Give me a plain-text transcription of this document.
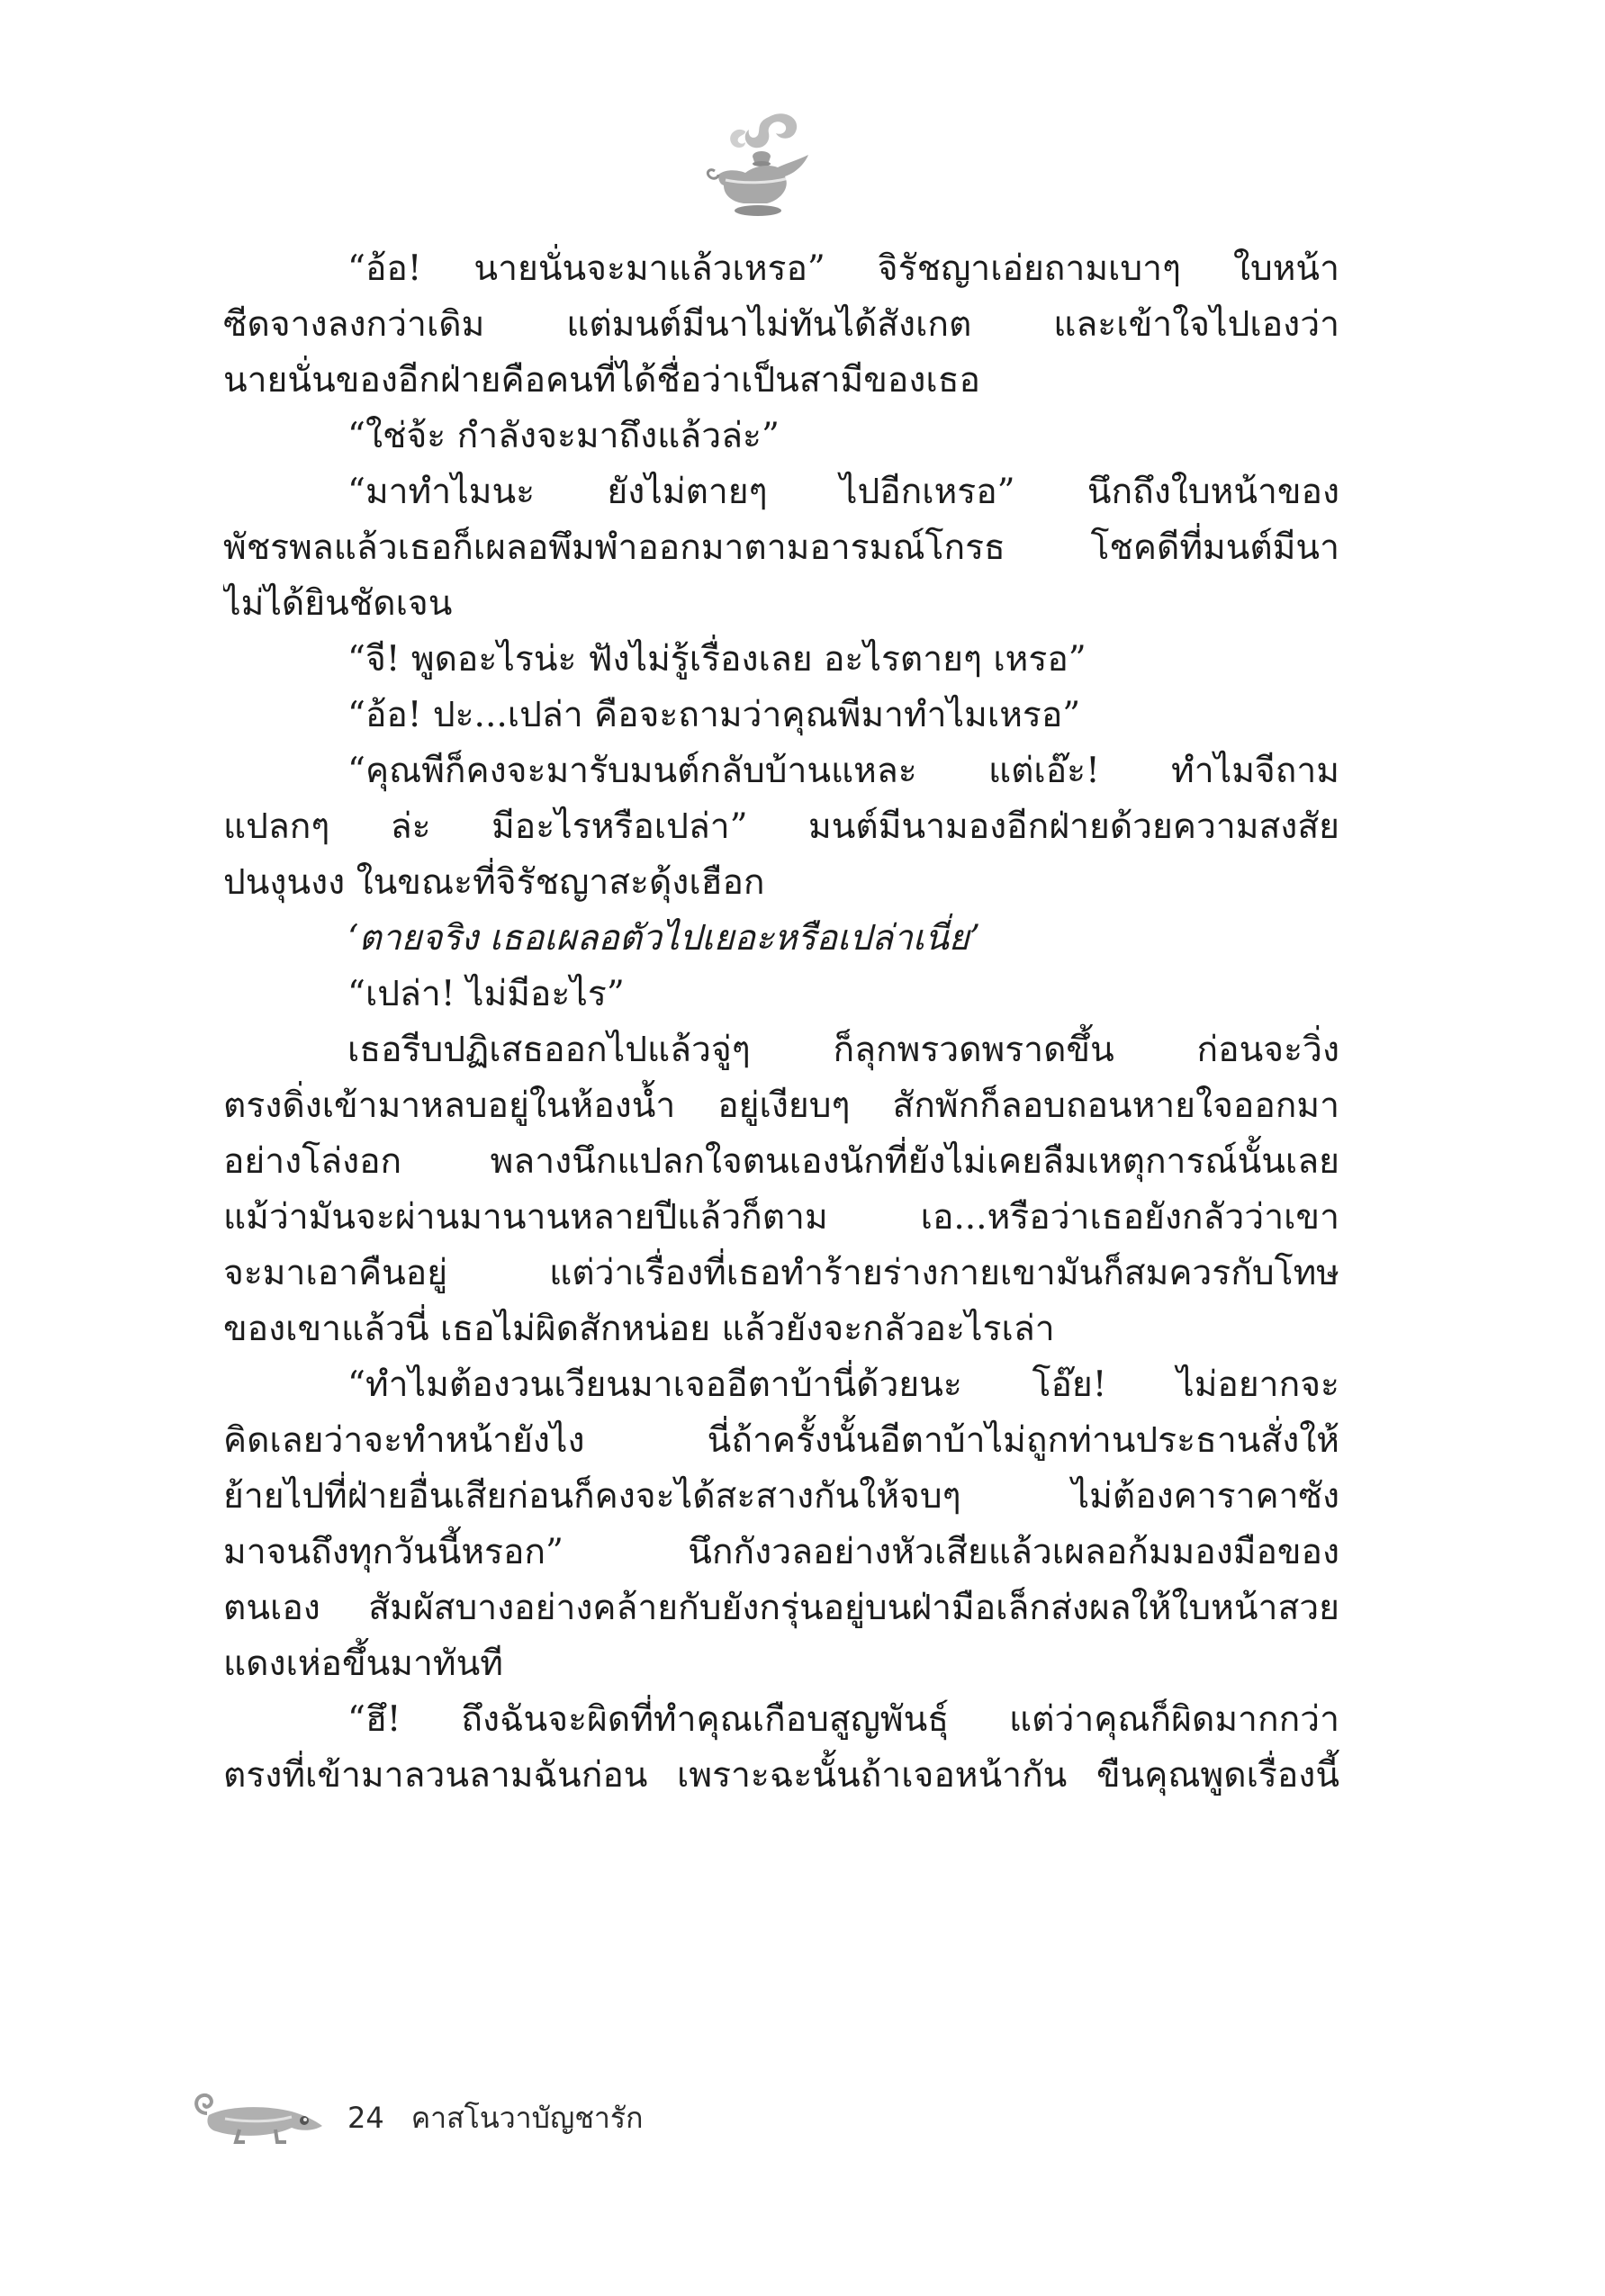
“อ้อ! นายนั่นจะมาแล้วเหรอ” จิรัชญาเอ่ยถามเบาๆ ใบหน้า
ซีดจางลงกว่าเดิม แต่มนต์มีนาไม่ทันได้สังเกต และเข้าใจไปเองว่า
นายนั่นของอีกฝ่ายคือคนที่ได้ชื่อว่าเป็นสามีของเธอ
“ใช่จ้ะ กำลังจะมาถึงแล้วล่ะ”
“มาทำไมนะ ยังไม่ตายๆ ไปอีกเหรอ” นึกถึงใบหน้าของ
พัชรพลแล้วเธอก็เผลอพึมพำออกมาตามอารมณ์โกรธ โชคดีที่มนต์มีนา
ไม่ได้ยินชัดเจน
“จี! พูดอะไรน่ะ ฟังไม่รู้เรื่องเลย อะไรตายๆ เหรอ”
“อ้อ! ปะ...เปล่า คือจะถามว่าคุณพีมาทำไมเหรอ”
“คุณพีก็คงจะมารับมนต์กลับบ้านแหละ แต่เอ๊ะ! ทำไมจีถาม
แปลกๆ ล่ะ มีอะไรหรือเปล่า” มนต์มีนามองอีกฝ่ายด้วยความสงสัย
ปนงุนงง ในขณะที่จิรัชญาสะดุ้งเฮือก
‘ตายจริง เธอเผลอตัวไปเยอะหรือเปล่าเนี่ย’
“เปล่า! ไม่มีอะไร”
เธอรีบปฏิเสธออกไปแล้วจู่ๆ ก็ลุกพรวดพราดขึ้น ก่อนจะวิ่ง
ตรงดิ่งเข้ามาหลบอยู่ในห้องน้ำ อยู่เงียบๆ สักพักก็ลอบถอนหายใจออกมา
อย่างโล่งอก พลางนึกแปลกใจตนเองนักที่ยังไม่เคยลืมเหตุการณ์นั้นเลย
แม้ว่ามันจะผ่านมานานหลายปีแล้วก็ตาม เอ...หรือว่าเธอยังกลัวว่าเขา
จะมาเอาคืนอยู่ แต่ว่าเรื่องที่เธอทำร้ายร่างกายเขามันก็สมควรกับโทษ
ของเขาแล้วนี่ เธอไม่ผิดสักหน่อย แล้วยังจะกลัวอะไรเล่า
“ทำไมต้องวนเวียนมาเจออีตาบ้านี่ด้วยนะ โอ๊ย! ไม่อยากจะ
คิดเลยว่าจะทำหน้ายังไง นี่ถ้าครั้งนั้นอีตาบ้าไม่ถูกท่านประธานสั่งให้
ย้ายไปที่ฝ่ายอื่นเสียก่อนก็คงจะได้สะสางกันให้จบๆ ไม่ต้องคาราคาซัง
มาจนถึงทุกวันนี้หรอก” นึกกังวลอย่างหัวเสียแล้วเผลอก้มมองมือของ
ตนเอง สัมผัสบางอย่างคล้ายกับยังกรุ่นอยู่บนฝ่ามือเล็กส่งผลให้ใบหน้าสวย
แดงเห่อขึ้นมาทันที
“ฮึ! ถึงฉันจะผิดที่ทำคุณเกือบสูญพันธุ์ แต่ว่าคุณก็ผิดมากกว่า
ตรงที่เข้ามาลวนลามฉันก่อน เพราะฉะนั้นถ้าเจอหน้ากัน ขืนคุณพูดเรื่องนี้
24 คาสโนวาบัญชารัก
